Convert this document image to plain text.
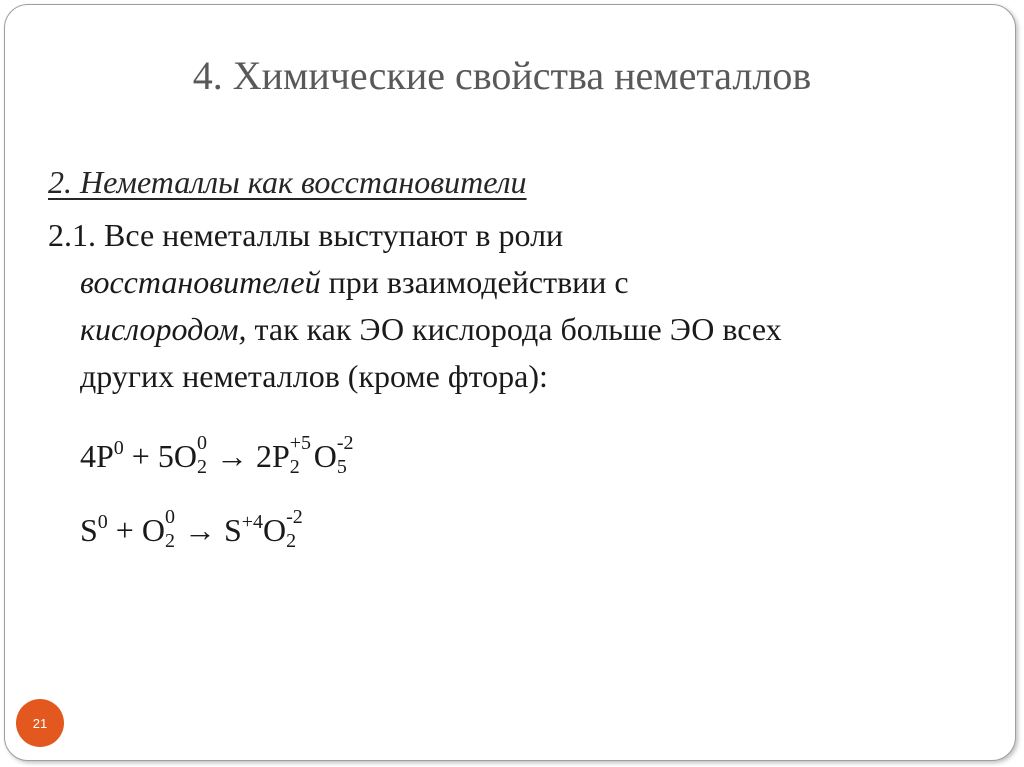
4. Химические свойства неметаллов
2. Неметаллы как восстановители
2.1. Все неметаллы выступают в роли
восстановителей при взаимодействии с
кислородом, так как ЭО кислорода больше ЭО всех
других неметаллов (кроме фтора):
$4P^0 + 5O$ 0
2 → 2P +5
2 O -2
5
$S^0 + O$ 0
$2 \to S^{+4}O$ -2
2
21
